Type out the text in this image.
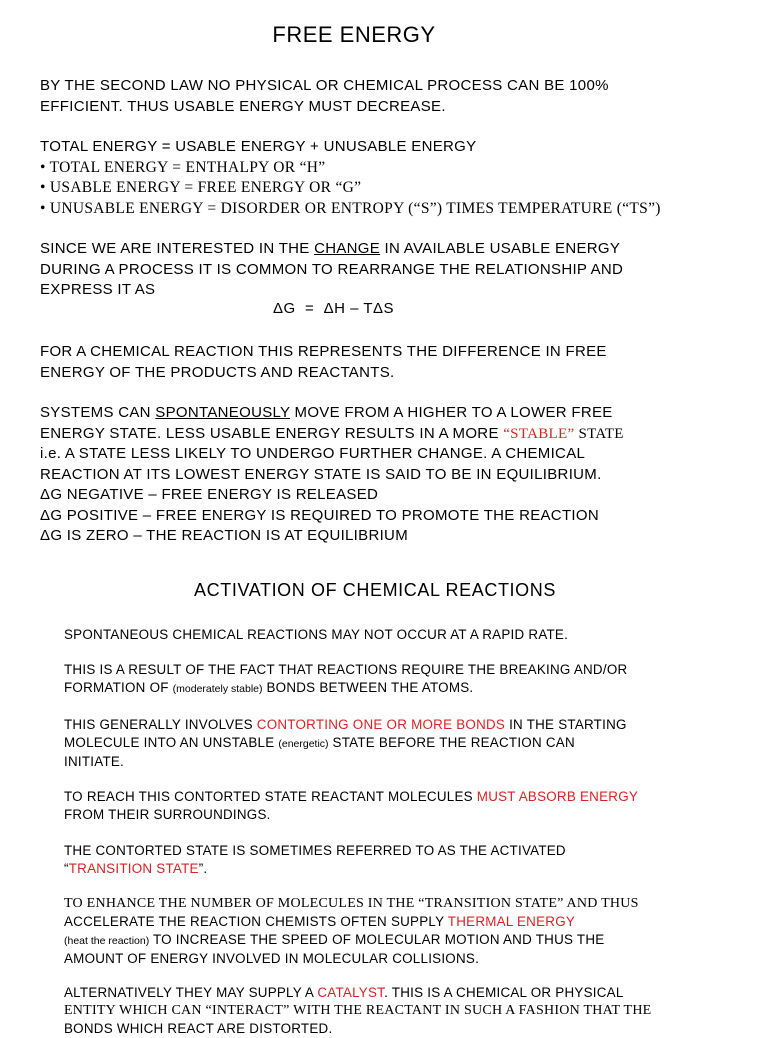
FREE ENERGY

BY THE SECOND LAW NO PHYSICAL OR CHEMICAL PROCESS CAN BE 100%
EFFICIENT. THUS USABLE ENERGY MUST DECREASE.

TOTAL ENERGY = USABLE ENERGY + UNUSABLE ENERGY
• TOTAL ENERGY = ENTHALPY OR “H”
• USABLE ENERGY = FREE ENERGY OR “G”
• UNUSABLE ENERGY = DISORDER OR ENTROPY (“S”) TIMES TEMPERATURE (“TS”)

SINCE WE ARE INTERESTED IN THE CHANGE IN AVAILABLE USABLE ENERGY
DURING A PROCESS IT IS COMMON TO REARRANGE THE RELATIONSHIP AND
EXPRESS IT AS

ΔG  =  ΔH – TΔS

FOR A CHEMICAL REACTION THIS REPRESENTS THE DIFFERENCE IN FREE
ENERGY OF THE PRODUCTS AND REACTANTS.

SYSTEMS CAN SPONTANEOUSLY MOVE FROM A HIGHER TO A LOWER FREE
ENERGY STATE. LESS USABLE ENERGY RESULTS IN A MORE “STABLE” STATE
i.e. A STATE LESS LIKELY TO UNDERGO FURTHER CHANGE. A CHEMICAL
REACTION AT ITS LOWEST ENERGY STATE IS SAID TO BE IN EQUILIBRIUM.
ΔG NEGATIVE – FREE ENERGY IS RELEASED
ΔG POSITIVE – FREE ENERGY IS REQUIRED TO PROMOTE THE REACTION
ΔG IS ZERO – THE REACTION IS AT EQUILIBRIUM

ACTIVATION OF CHEMICAL REACTIONS

SPONTANEOUS CHEMICAL REACTIONS MAY NOT OCCUR AT A RAPID RATE.

THIS IS A RESULT OF THE FACT THAT REACTIONS REQUIRE THE BREAKING AND/OR
FORMATION OF (moderately stable) BONDS BETWEEN THE ATOMS.

THIS GENERALLY INVOLVES CONTORTING ONE OR MORE BONDS IN THE STARTING
MOLECULE INTO AN UNSTABLE (energetic) STATE BEFORE THE REACTION CAN
INITIATE.

TO REACH THIS CONTORTED STATE REACTANT MOLECULES MUST ABSORB ENERGY
FROM THEIR SURROUNDINGS.

THE CONTORTED STATE IS SOMETIMES REFERRED TO AS THE ACTIVATED
“TRANSITION STATE”.

TO ENHANCE THE NUMBER OF MOLECULES IN THE “TRANSITION STATE” AND THUS
ACCELERATE THE REACTION CHEMISTS OFTEN SUPPLY THERMAL ENERGY
(heat the reaction) TO INCREASE THE SPEED OF MOLECULAR MOTION AND THUS THE
AMOUNT OF ENERGY INVOLVED IN MOLECULAR COLLISIONS.

ALTERNATIVELY THEY MAY SUPPLY A CATALYST. THIS IS A CHEMICAL OR PHYSICAL
ENTITY WHICH CAN “INTERACT” WITH THE REACTANT IN SUCH A FASHION THAT THE
BONDS WHICH REACT ARE DISTORTED.
